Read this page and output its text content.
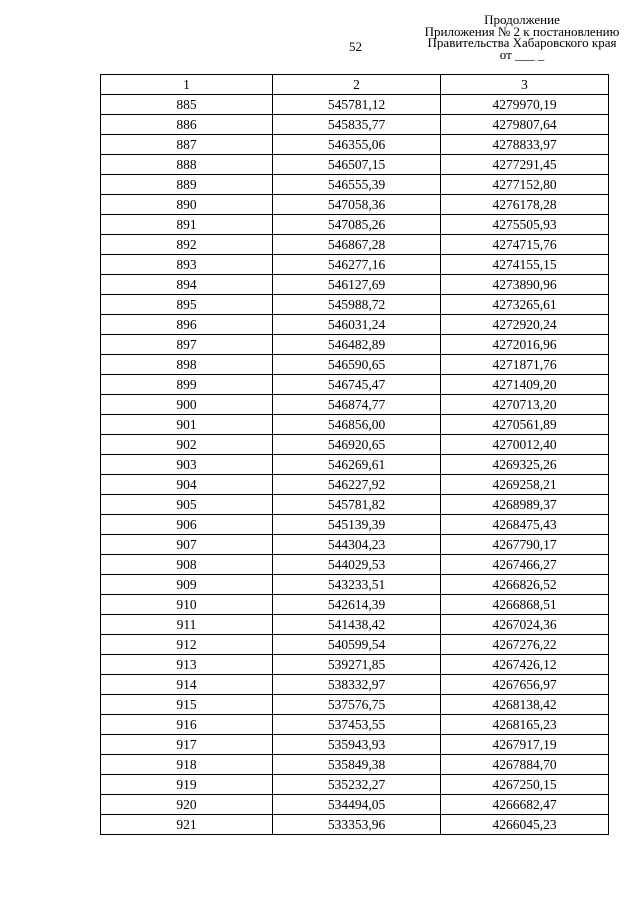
52
Продолжение
Приложения № 2 к постановлению
Правительства Хабаровского края
от ___ _
1	2	3
885	545781,12	4279970,19
886	545835,77	4279807,64
887	546355,06	4278833,97
888	546507,15	4277291,45
889	546555,39	4277152,80
890	547058,36	4276178,28
891	547085,26	4275505,93
892	546867,28	4274715,76
893	546277,16	4274155,15
894	546127,69	4273890,96
895	545988,72	4273265,61
896	546031,24	4272920,24
897	546482,89	4272016,96
898	546590,65	4271871,76
899	546745,47	4271409,20
900	546874,77	4270713,20
901	546856,00	4270561,89
902	546920,65	4270012,40
903	546269,61	4269325,26
904	546227,92	4269258,21
905	545781,82	4268989,37
906	545139,39	4268475,43
907	544304,23	4267790,17
908	544029,53	4267466,27
909	543233,51	4266826,52
910	542614,39	4266868,51
911	541438,42	4267024,36
912	540599,54	4267276,22
913	539271,85	4267426,12
914	538332,97	4267656,97
915	537576,75	4268138,42
916	537453,55	4268165,23
917	535943,93	4267917,19
918	535849,38	4267884,70
919	535232,27	4267250,15
920	534494,05	4266682,47
921	533353,96	4266045,23
